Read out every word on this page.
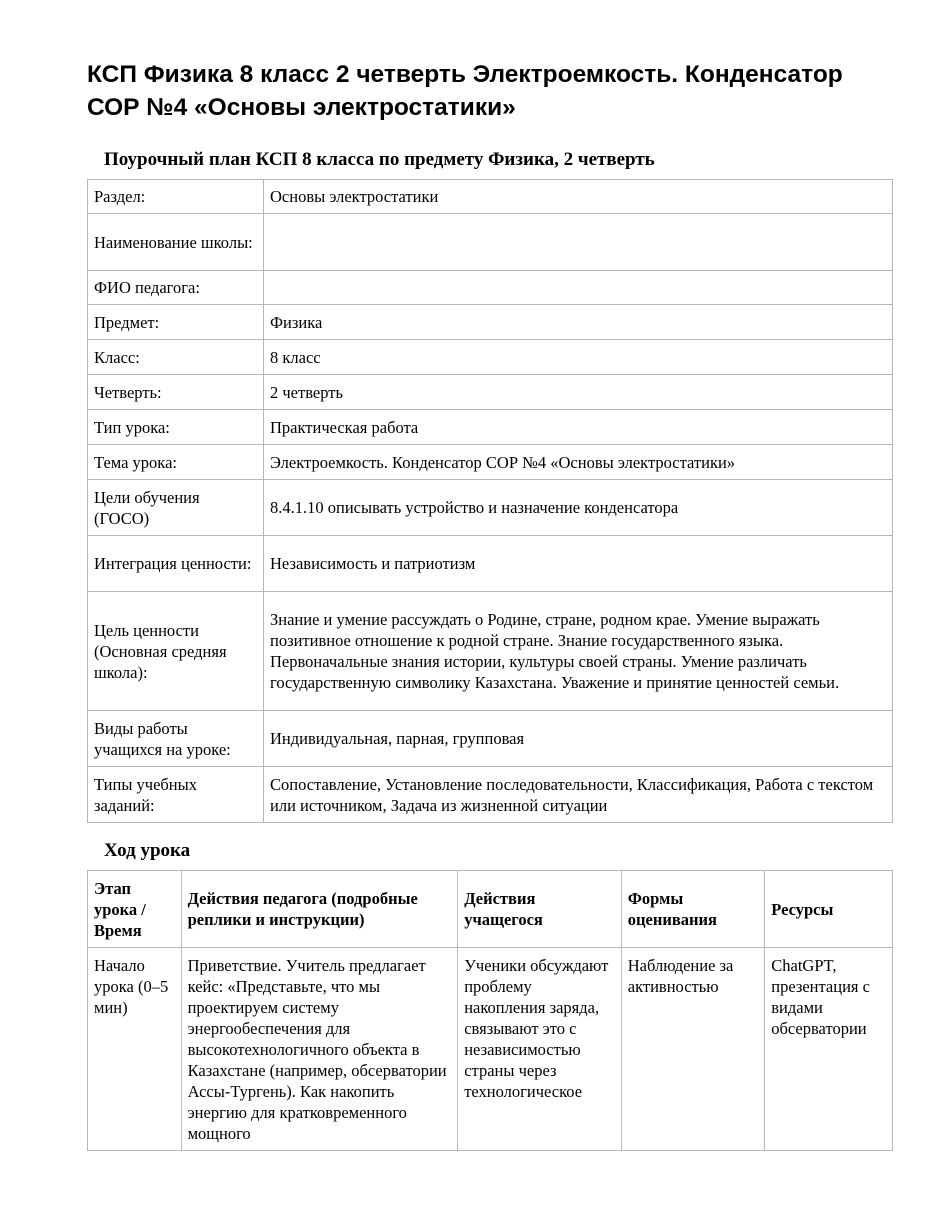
КСП Физика 8 класс 2 четверть Электроемкость. Конденсатор СОР №4 «Основы электростатики»
Поурочный план КСП 8 класса по предмету Физика, 2 четверть
Раздел:	Основы электростатики
Наименование школы:	
ФИО педагога:	
Предмет:	Физика
Класс:	8 класс
Четверть:	2 четверть
Тип урока:	Практическая работа
Тема урока:	Электроемкость. Конденсатор СОР №4 «Основы электростатики»
Цели обучения (ГОСО)	8.4.1.10 описывать устройство и назначение конденсатора
Интеграция ценности:	Независимость и патриотизм
Цель ценности (Основная средняя школа):	Знание и умение рассуждать о Родине, стране, родном крае. Умение выражать позитивное отношение к родной стране. Знание государственного языка. Первоначальные знания истории, культуры своей страны. Умение различать государственную символику Казахстана. Уважение и принятие ценностей семьи.
Виды работы учащихся на уроке:	Индивидуальная, парная, групповая
Типы учебных заданий:	Сопоставление, Установление последовательности, Классификация, Работа с текстом или источником, Задача из жизненной ситуации
Ход урока
Этап урока / Время	Действия педагога (подробные реплики и инструкции)	Действия учащегося	Формы оценивания	Ресурсы
Начало урока (0–5 мин)	Приветствие. Учитель предлагает кейс: «Представьте, что мы проектируем систему энергообеспечения для высокотехнологичного объекта в Казахстане (например, обсерватории Ассы-Тургень). Как накопить энергию для кратковременного мощного	Ученики обсуждают проблему накопления заряда, связывают это с независимостью страны через технологическое	Наблюдение за активностью	ChatGPT, презентация с видами обсерватории
